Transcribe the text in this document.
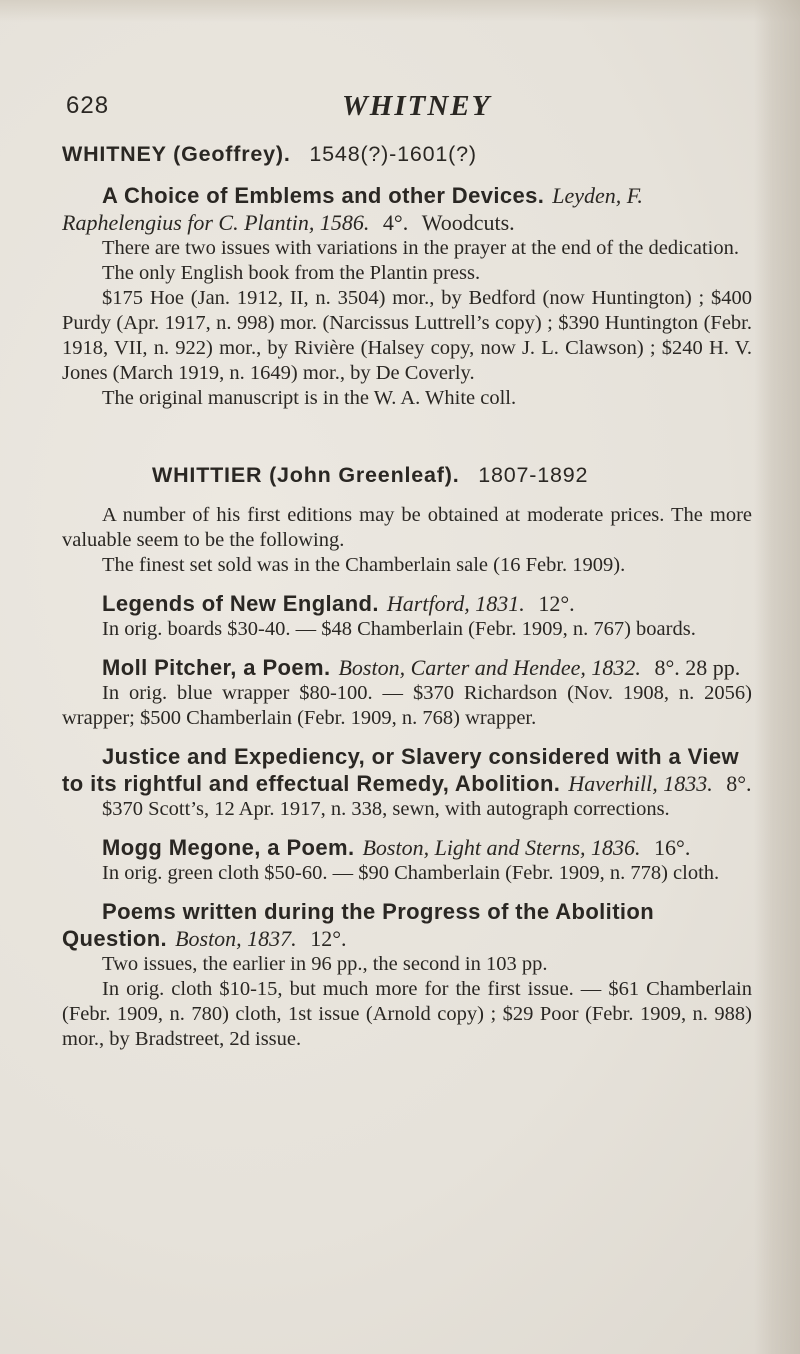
628	WHITNEY
WHITNEY (Geoffrey). 1548(?)-1601(?)

A Choice of Emblems and other Devices. Leyden, F. Raphelengius for C. Plantin, 1586. 4°. Woodcuts.

There are two issues with variations in the prayer at the end of the dedication.

The only English book from the Plantin press.

$175 Hoe (Jan. 1912, II, n. 3504) mor., by Bedford (now Huntington) ; $400 Purdy (Apr. 1917, n. 998) mor. (Narcissus Luttrell’s copy) ; $390 Huntington (Febr. 1918, VII, n. 922) mor., by Rivière (Halsey copy, now J. L. Clawson) ; $240 H. V. Jones (March 1919, n. 1649) mor., by De Coverly.

The original manuscript is in the W. A. White coll.

WHITTIER (John Greenleaf). 1807-1892

A number of his first editions may be obtained at moderate prices. The more valuable seem to be the following.

The finest set sold was in the Chamberlain sale (16 Febr. 1909).

Legends of New England. Hartford, 1831. 12°.

In orig. boards $30-40. — $48 Chamberlain (Febr. 1909, n. 767) boards.

Moll Pitcher, a Poem. Boston, Carter and Hendee, 1832. 8°. 28 pp.

In orig. blue wrapper $80-100. — $370 Richardson (Nov. 1908, n. 2056) wrapper; $500 Chamberlain (Febr. 1909, n. 768) wrapper.

Justice and Expediency, or Slavery considered with a View to its rightful and effectual Remedy, Abolition. Haverhill, 1833. 8°.

$370 Scott’s, 12 Apr. 1917, n. 338, sewn, with autograph corrections.

Mogg Megone, a Poem. Boston, Light and Sterns, 1836. 16°.

In orig. green cloth $50-60. — $90 Chamberlain (Febr. 1909, n. 778) cloth.

Poems written during the Progress of the Abolition Question. Boston, 1837. 12°.

Two issues, the earlier in 96 pp., the second in 103 pp.

In orig. cloth $10-15, but much more for the first issue. — $61 Chamberlain (Febr. 1909, n. 780) cloth, 1st issue (Arnold copy) ; $29 Poor (Febr. 1909, n. 988) mor., by Bradstreet, 2d issue.
